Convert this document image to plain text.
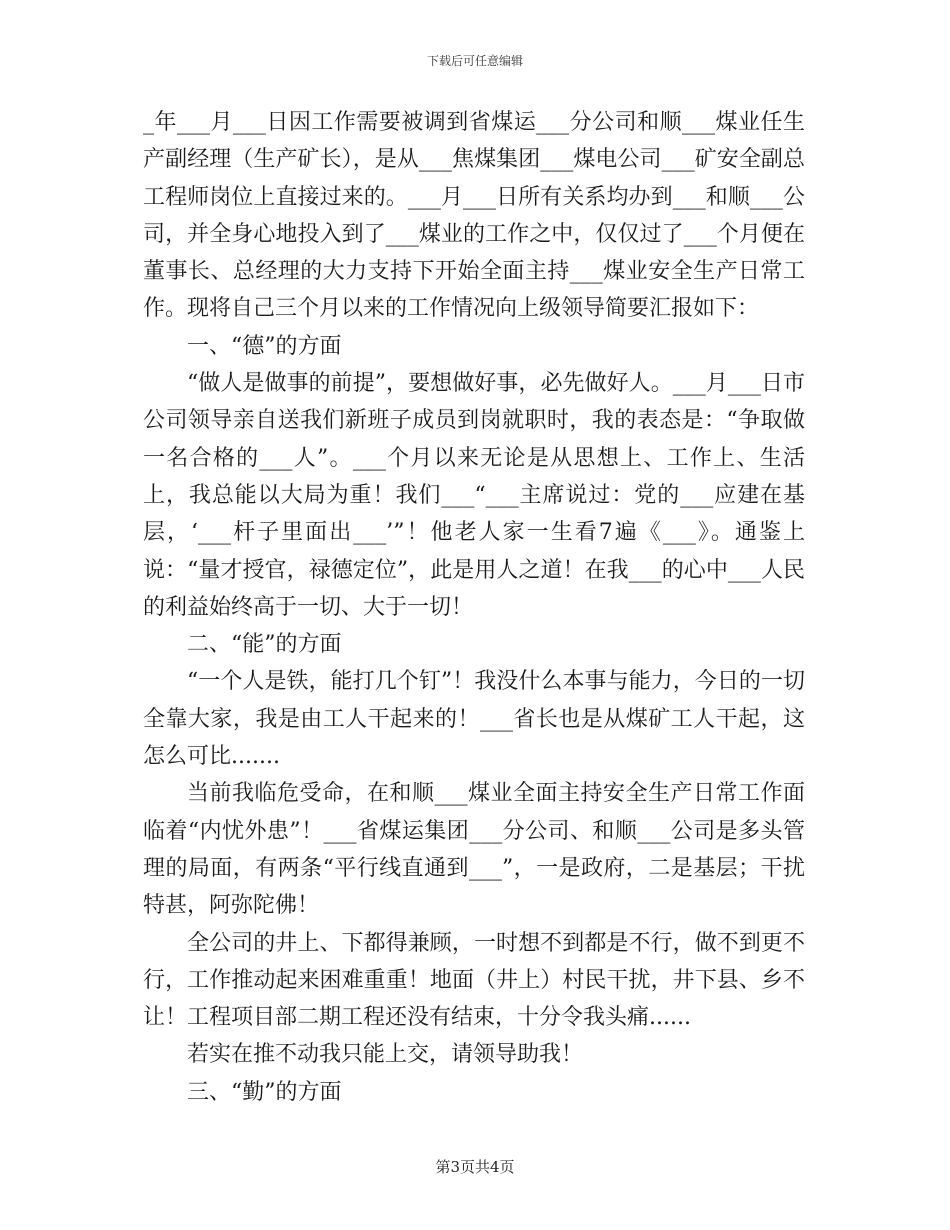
下载后可任意编辑

_年___月___日因工作需要被调到省煤运___分公司和顺___煤业任生产副经理（生产矿长），是从___焦煤集团___煤电公司___矿安全副总工程师岗位上直接过来的。___月___日所有关系均办到___和顺___公司，并全身心地投入到了___煤业的工作之中，仅仅过了___个月便在董事长、总经理的大力支持下开始全面主持___煤业安全生产日常工作。现将自己三个月以来的工作情况向上级领导简要汇报如下：

一、“德”的方面

“做人是做事的前提”，要想做好事，必先做好人。___月___日市公司领导亲自送我们新班子成员到岗就职时，我的表态是：“争取做一名合格的___人”。___个月以来无论是从思想上、工作上、生活上，我总能以大局为重！我们___“___主席说过：党的___应建在基层，‘___杆子里面出___’”！他老人家一生看7遍《___》。通鉴上说：“量才授官，禄德定位”，此是用人之道！在我___的心中___人民的利益始终高于一切、大于一切！

二、“能”的方面

“一个人是铁，能打几个钉”！我没什么本事与能力，今日的一切全靠大家，我是由工人干起来的！___省长也是从煤矿工人干起，这怎么可比.......

当前我临危受命，在和顺___煤业全面主持安全生产日常工作面临着“内忧外患”！___省煤运集团___分公司、和顺___公司是多头管理的局面，有两条“平行线直通到___”，一是政府，二是基层；干扰特甚，阿弥陀佛！

全公司的井上、下都得兼顾，一时想不到都是不行，做不到更不行，工作推动起来困难重重！地面（井上）村民干扰，井下县、乡不让！工程项目部二期工程还没有结束，十分令我头痛......

若实在推不动我只能上交，请领导助我！

三、“勤”的方面

第3页共4页
